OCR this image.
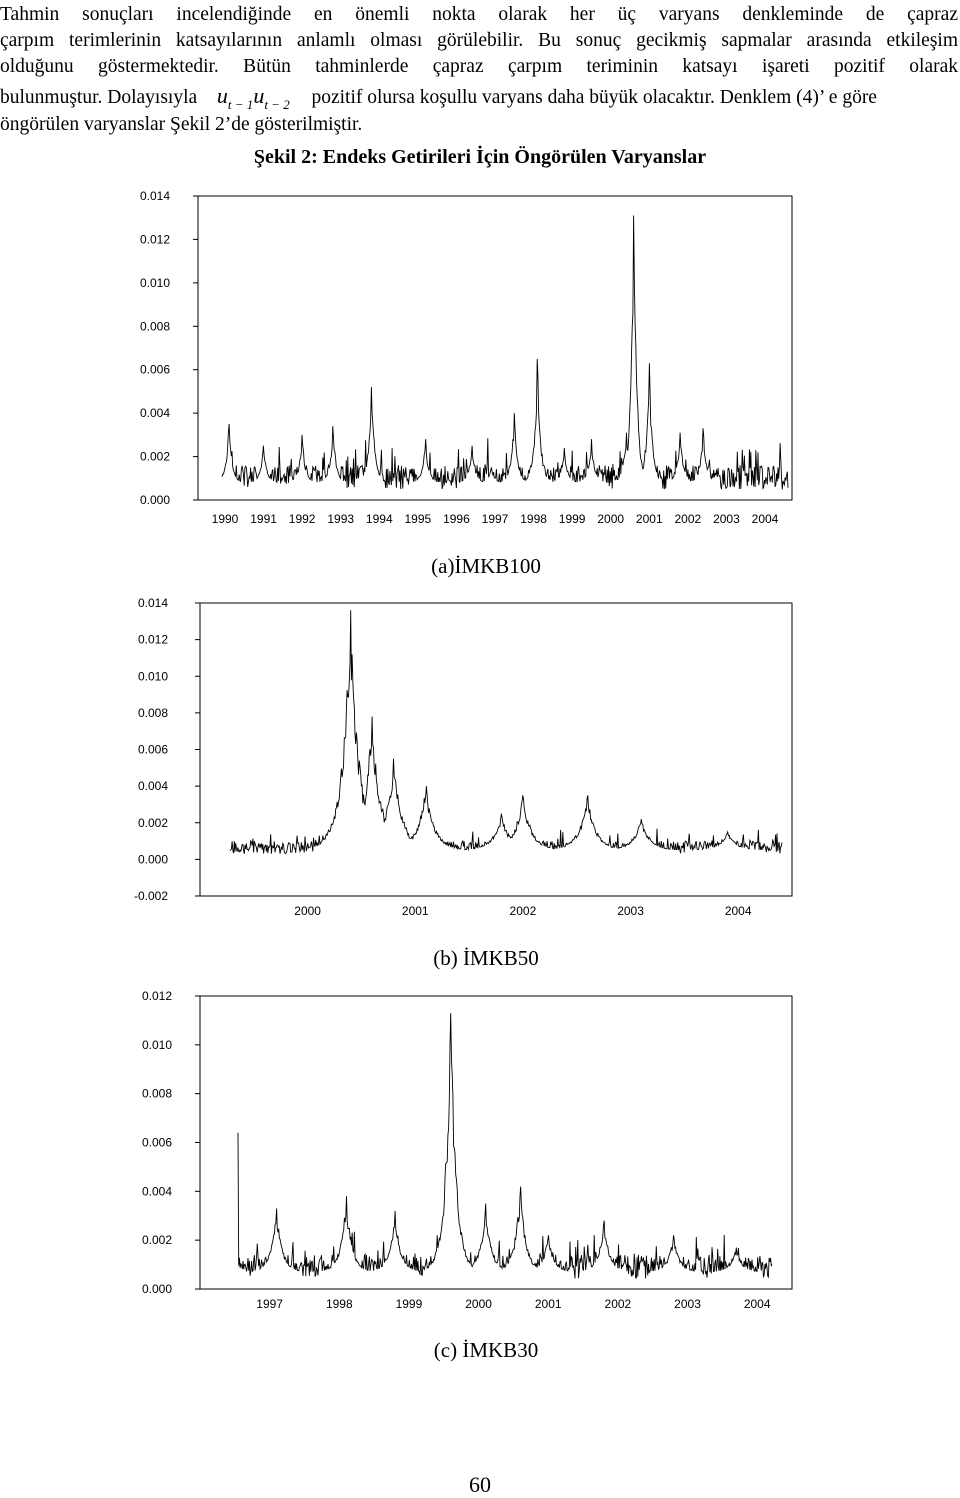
Tahmin sonuçları incelendiğinde en önemli nokta olarak her üç varyans denkleminde de çapraz
çarpım terimlerinin katsayılarının anlamlı olması görülebilir. Bu sonuç gecikmiş sapmalar arasında etkileşim
olduğunu göstermektedir. Bütün tahminlerde çapraz çarpım teriminin katsayı işareti pozitif olarak
bulunmuştur. Dolayısıyla $u_{t - 1}u_{t - 2}$ pozitif olursa koşullu varyans daha büyük olacaktır. Denklem (4)’ e göre
öngörülen varyanslar Şekil 2’de gösterilmiştir.
Şekil 2: Endeks Getirileri İçin Öngörülen Varyanslar
0.014
0.012
0.010
0.008
0.006
0.004
0.002
0.000
1990 1991 1992 1993 1994 1995 1996 1997 1998 1999 2000 2001 2002 2003 2004
0.014
0.012
0.010
0.008
0.006
0.004
0.002
0.000
-0.002
2000	2001	2002	2003	2004
0.012
0.010
0.008
0.006
0.004
0.002
0.000
1997	1998	1999	2000	2001	2002	2003	2004
(a)İMKB100
(b) İMKB50
(c) İMKB30
60
